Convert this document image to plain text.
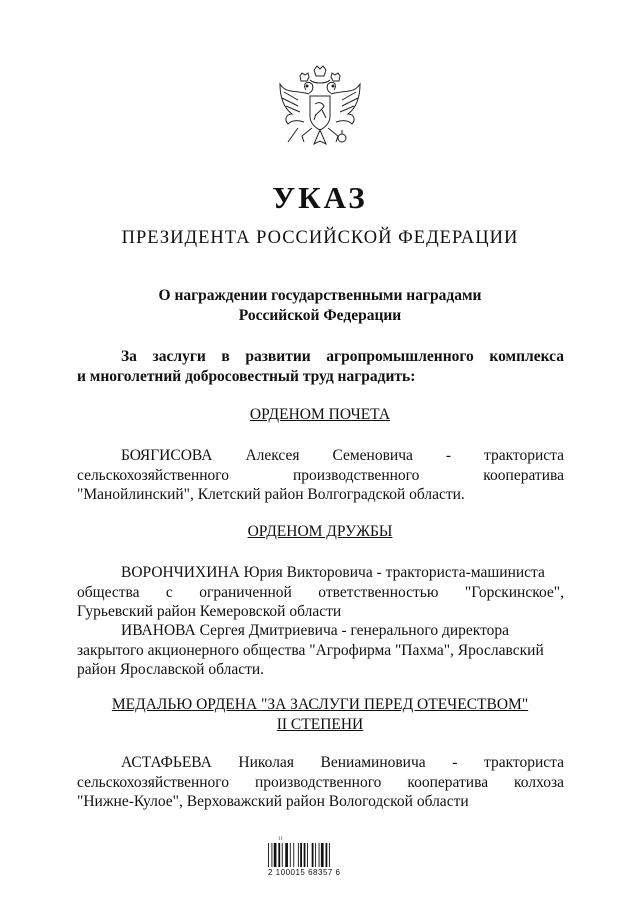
УКАЗ
ПРЕЗИДЕНТА РОССИЙСКОЙ ФЕДЕРАЦИИ
О награждении государственными наградами
Российской Федерации
За заслуги в развитии агропромышленного комплекса
и многолетний добросовестный труд наградить:
ОРДЕНОМ ПОЧЕТА
БОЯГИСОВА Алексея Семеновича - тракториста
сельскохозяйственного	производственного	кооператива
"Манойлинский", Клетский район Волгоградской области.
ОРДЕНОМ ДРУЖБЫ
ВОРОНЧИХИНА Юрия Викторовича - тракториста-машиниста
общества с ограниченной ответственностью "Горскинское",
Гурьевский район Кемеровской области
ИВАНОВА Сергея Дмитриевича - генерального директора
закрытого акционерного общества "Агрофирма "Пахма", Ярославский
район Ярославской области.
МЕДАЛЬЮ ОРДЕНА "ЗА ЗАСЛУГИ ПЕРЕД ОТЕЧЕСТВОМ"
II СТЕПЕНИ
АСТАФЬЕВА Николая Вениаминовича - тракториста
сельскохозяйственного производственного кооператива колхоза
"Нижне-Кулое", Верховажский район Вологодской области
⌇⌇
2 100015 68357 6
